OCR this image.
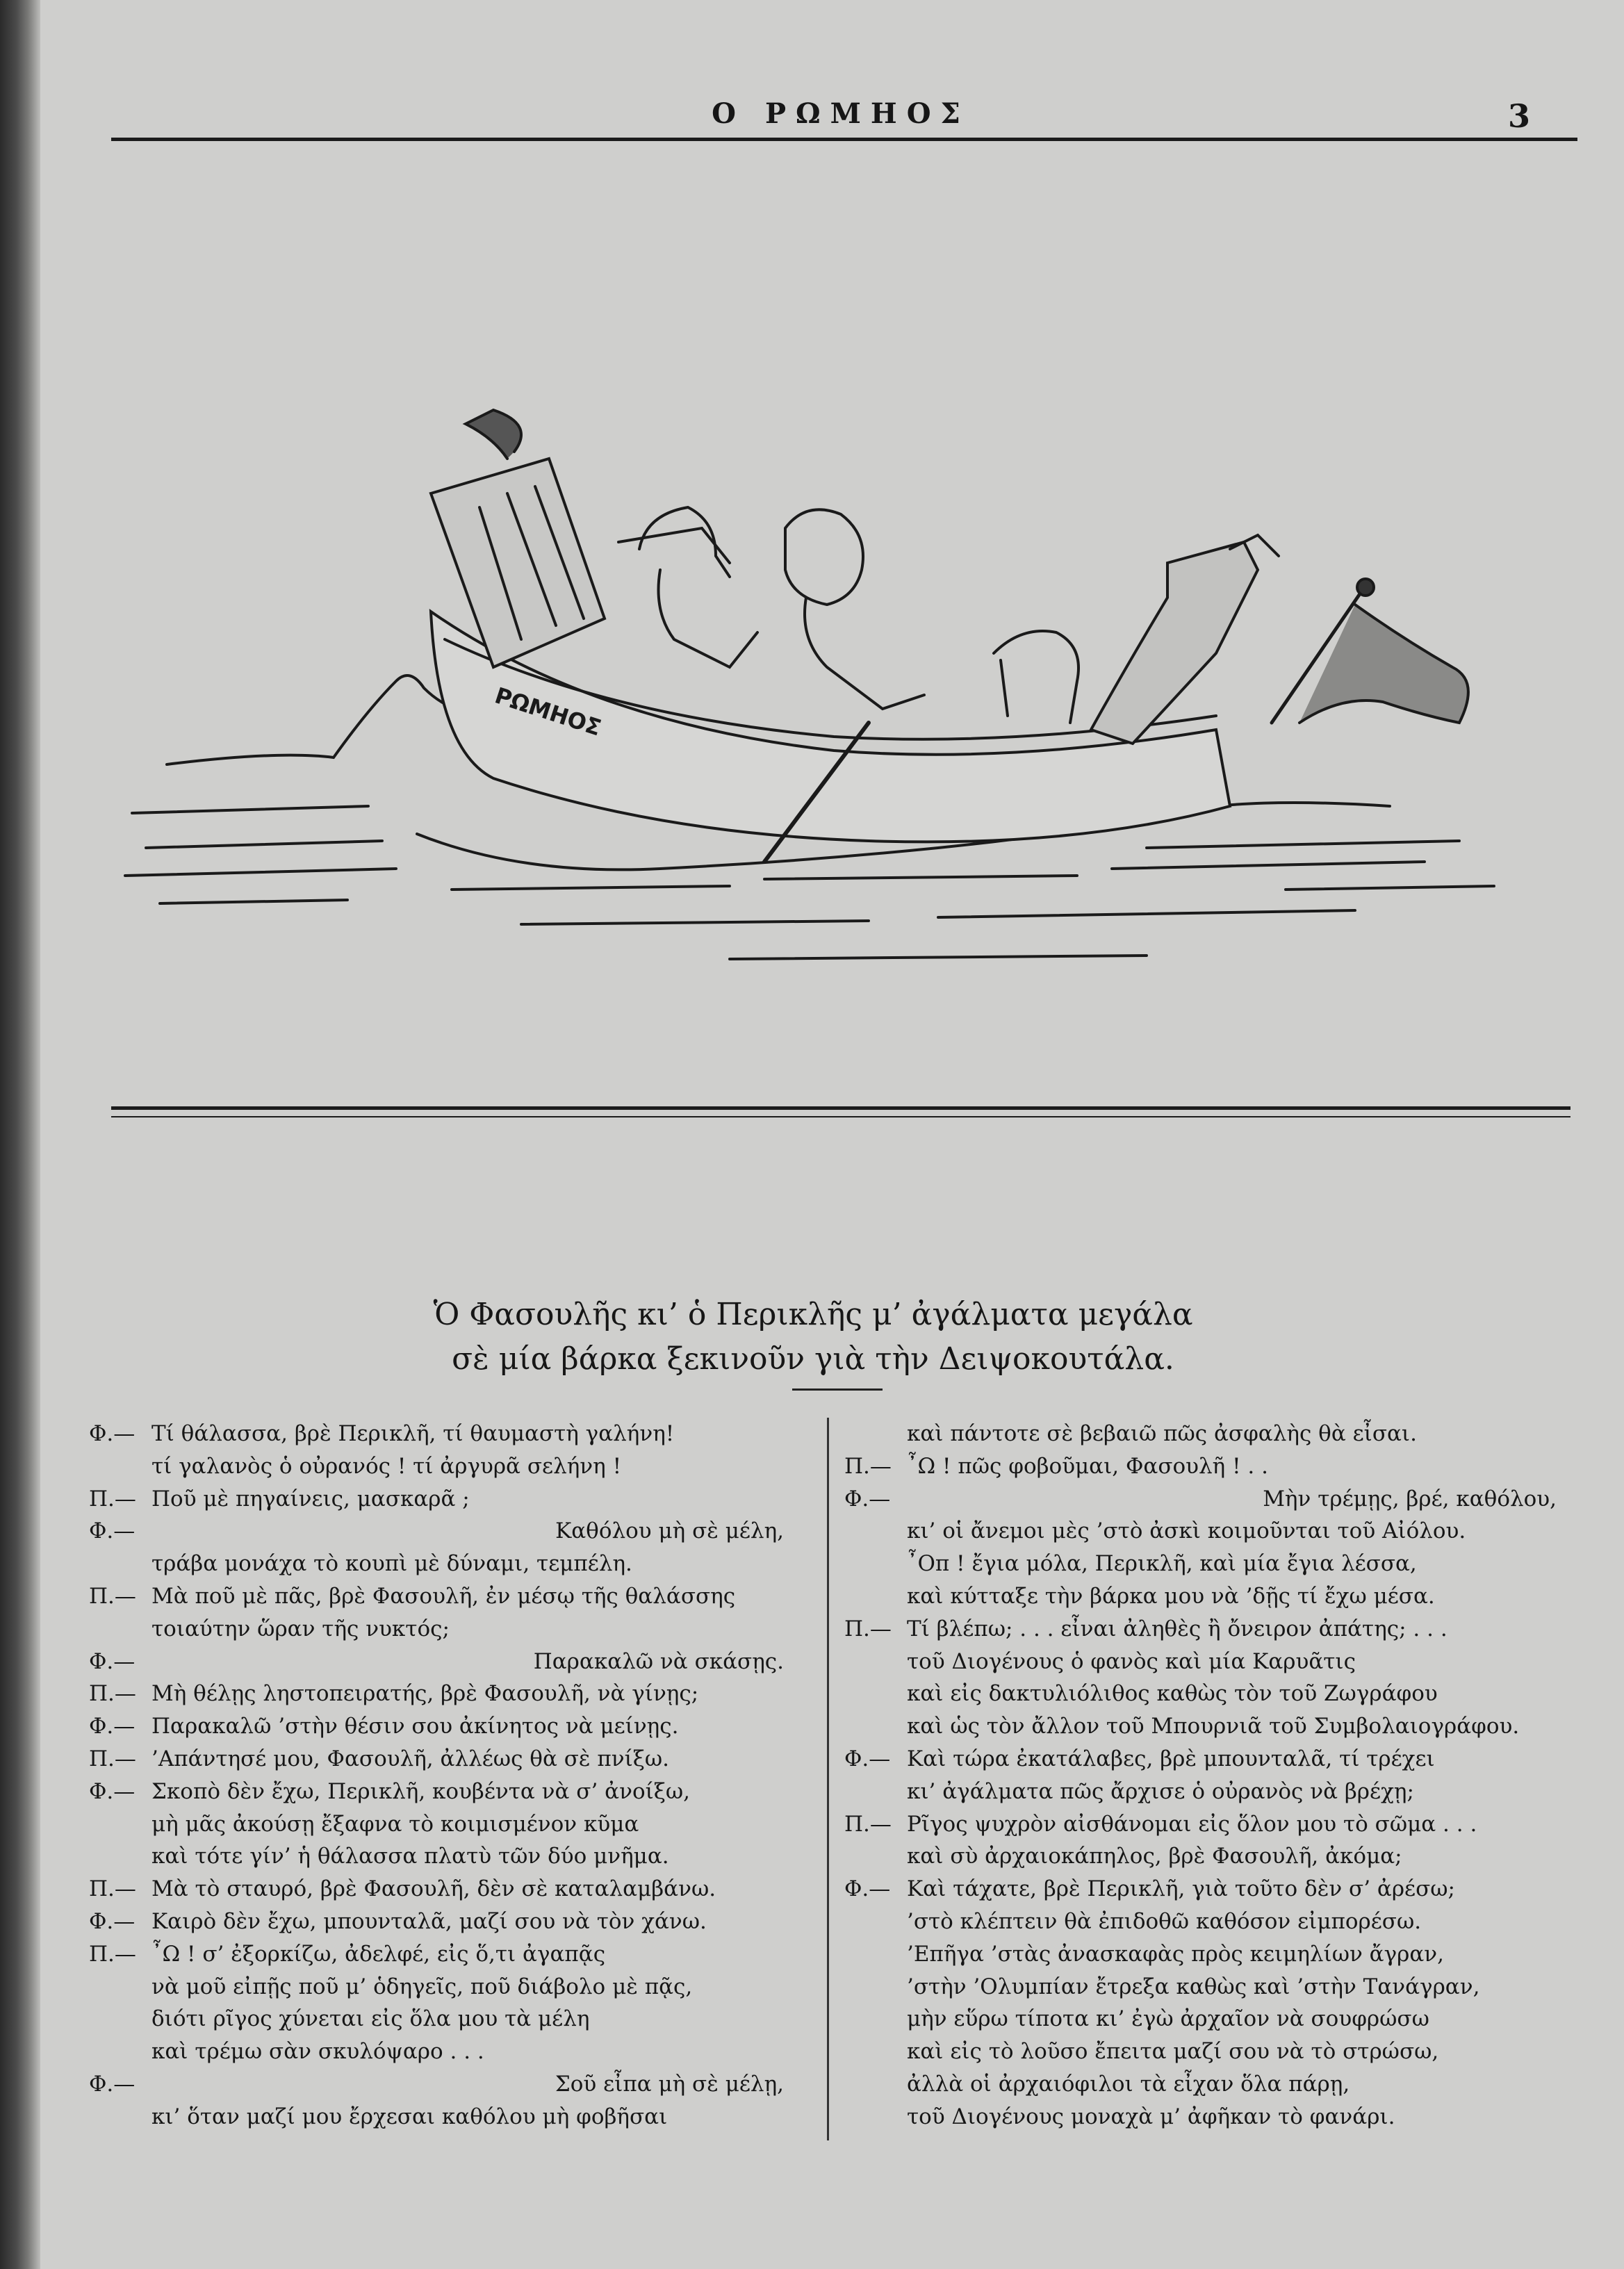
Ο ΡΩΜΗΟΣ	3
ΡΩΜΗΟΣ
Ὁ Φασουλῆς κι’ ὁ Περικλῆς μ’ ἀγάλματα μεγάλα
σὲ μία βάρκα ξεκινοῦν γιὰ τὴν Δειψοκουτάλα.
Φ.— Τί θάλασσα, βρὲ Περικλῆ, τί θαυμαστὴ γαλήνη!
τί γαλανὸς ὁ οὐρανός ! τί ἀργυρᾶ σελήνη !
Π.— Ποῦ μὲ πηγαίνεις, μασκαρᾶ ;
Φ.—	Καθόλου μὴ σὲ μέλη,
τράβα μονάχα τὸ κουπὶ μὲ δύναμι, τεμπέλη.
Π.— Μὰ ποῦ μὲ πᾶς, βρὲ Φασουλῆ, ἐν μέσῳ τῆς θαλάσσης
τοιαύτην ὥραν τῆς νυκτός;
Φ.—	Παρακαλῶ νὰ σκάσῃς.
Π.— Μὴ θέλῃς ληστοπειρατής, βρὲ Φασουλῆ, νὰ γίνῃς;
Φ.— Παρακαλῶ ’στὴν θέσιν σου ἀκίνητος νὰ μείνῃς.
Π.— ’Απάντησέ μου, Φασουλῆ, ἀλλέως θὰ σὲ πνίξω.
Φ.— Σκοπὸ δὲν ἔχω, Περικλῆ, κουβέντα νὰ σ’ ἀνοίξω,
μὴ μᾶς ἀκούσῃ ἔξαφνα τὸ κοιμισμένον κῦμα
καὶ τότε γίν’ ἡ θάλασσα πλατὺ τῶν δύο μνῆμα.
Π.— Μὰ τὸ σταυρό, βρὲ Φασουλῆ, δὲν σὲ καταλαμβάνω.
Φ.— Καιρὸ δὲν ἔχω, μπουνταλᾶ, μαζί σου νὰ τὸν χάνω.
Π.— ῏Ω ! σ’ ἐξορκίζω, ἀδελφέ, εἰς ὅ,τι ἀγαπᾷς
νὰ μοῦ εἰπῇς ποῦ μ’ ὁδηγεῖς, ποῦ διάβολο μὲ πᾷς,
διότι ρῖγος χύνεται εἰς ὅλα μου τὰ μέλη
καὶ τρέμω σὰν σκυλόψαρο . . .
Φ.—	Σοῦ εἶπα μὴ σὲ μέλῃ,
κι’ ὅταν μαζί μου ἔρχεσαι καθόλου μὴ φοβῆσαι
καὶ πάντοτε σὲ βεβαιῶ πῶς ἀσφαλὴς θὰ εἶσαι.
Π.— ῏Ω ! πῶς φοβοῦμαι, Φασουλῆ ! . .
Φ.—	Μὴν τρέμῃς, βρέ, καθόλου,
κι’ οἱ ἄνεμοι μὲς ’στὸ ἀσκὶ κοιμοῦνται τοῦ Αἰόλου.
῏Οπ ! ἔγια μόλα, Περικλῆ, καὶ μία ἔγια λέσσα,
καὶ κύτταξε τὴν βάρκα μου νὰ ’δῇς τί ἔχω μέσα.
Π.— Τί βλέπω; . . . εἶναι ἀληθὲς ἢ ὄνειρον ἀπάτης; . . .
τοῦ Διογένους ὁ φανὸς καὶ μία Καρυᾶτις
καὶ εἰς δακτυλιόλιθος καθὼς τὸν τοῦ Ζωγράφου
καὶ ὡς τὸν ἄλλον τοῦ Μπουρνιᾶ τοῦ Συμβολαιογράφου.
Φ.— Καὶ τώρα ἐκατάλαβες, βρὲ μπουνταλᾶ, τί τρέχει
κι’ ἀγάλματα πῶς ἄρχισε ὁ οὐρανὸς νὰ βρέχῃ;
Π.— Ρῖγος ψυχρὸν αἰσθάνομαι εἰς ὅλον μου τὸ σῶμα . . .
καὶ σὺ ἀρχαιοκάπηλος, βρὲ Φασουλῆ, ἀκόμα;
Φ.— Καὶ τάχατε, βρὲ Περικλῆ, γιὰ τοῦτο δὲν σ’ ἀρέσω;
’στὸ κλέπτειν θὰ ἐπιδοθῶ καθόσον εἰμπορέσω.
’Επῆγα ’στὰς ἀνασκαφὰς πρὸς κειμηλίων ἄγραν,
’στὴν ’Ολυμπίαν ἔτρεξα καθὼς καὶ ’στὴν Τανάγραν,
μὴν εὕρω τίποτα κι’ ἐγὼ ἀρχαῖον νὰ σουφρώσω
καὶ εἰς τὸ λοῦσο ἔπειτα μαζί σου νὰ τὸ στρώσω,
ἀλλὰ οἱ ἀρχαιόφιλοι τὰ εἶχαν ὅλα πάρῃ,
τοῦ Διογένους μοναχὰ μ’ ἀφῆκαν τὸ φανάρι.
